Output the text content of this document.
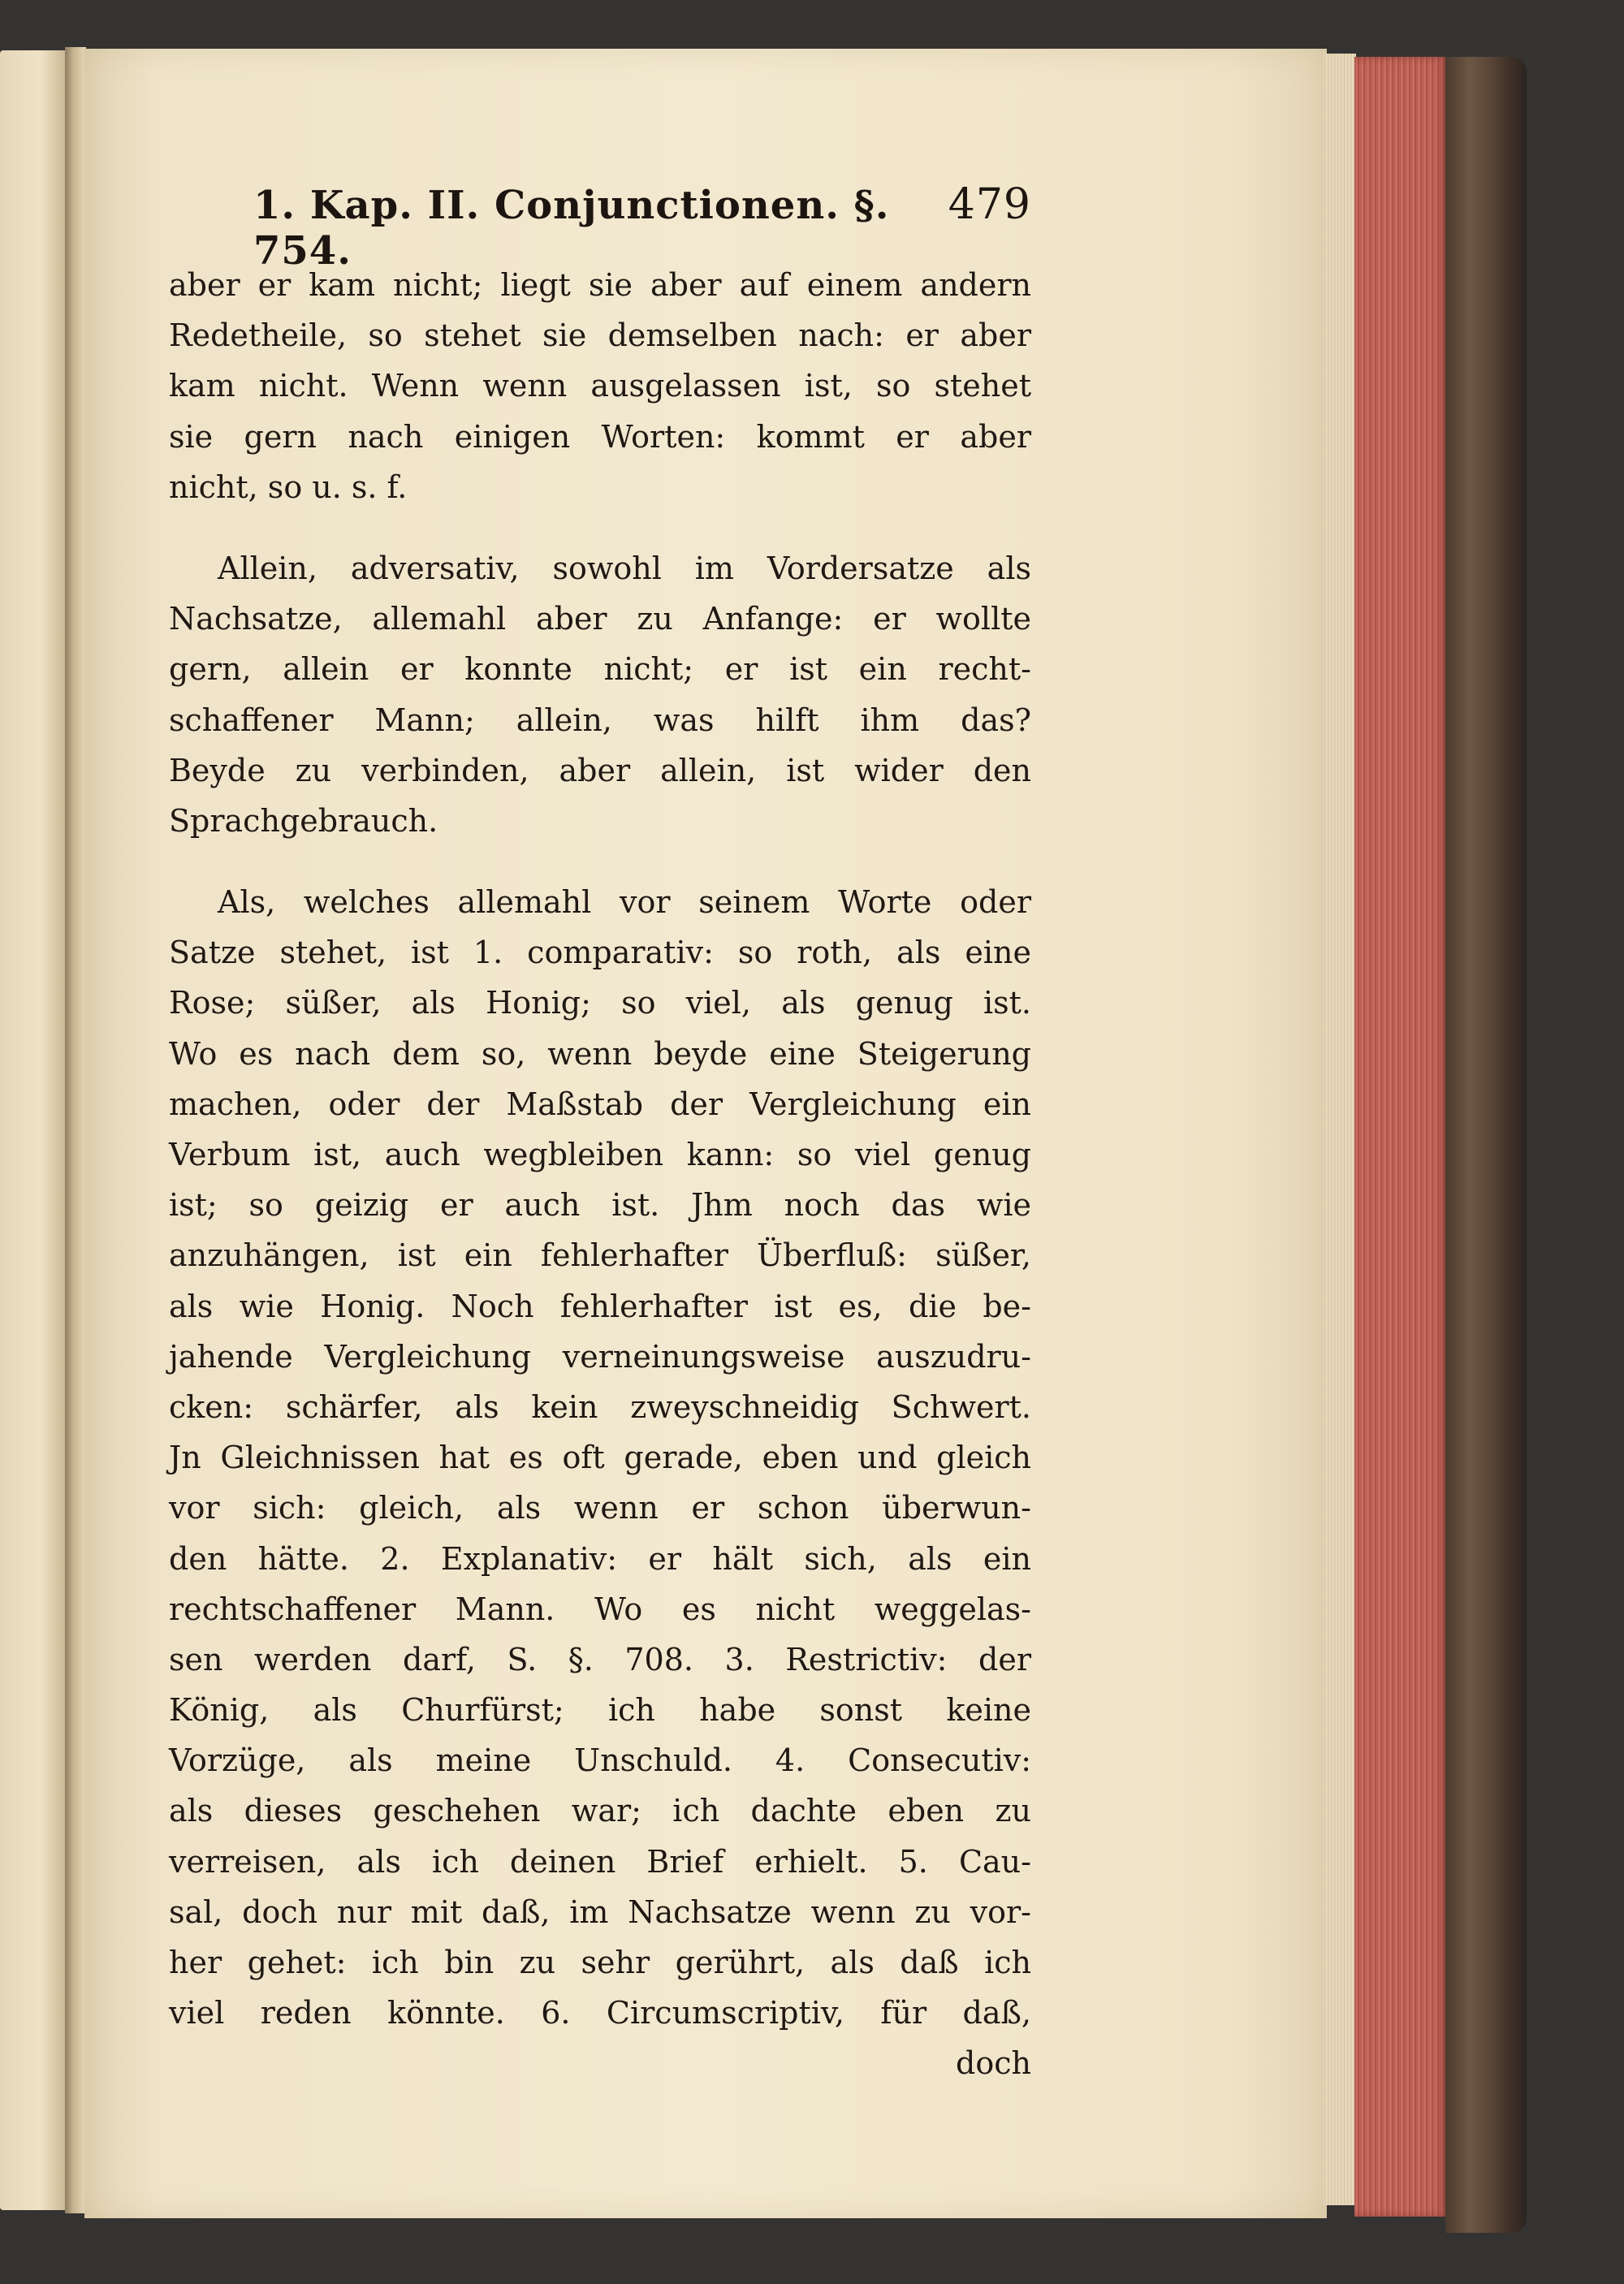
1. Kap. II. Conjunctionen. §. 754.
479
aber er kam nicht; liegt sie aber auf einem andern
Redetheile, so stehet sie demselben nach: er aber
kam nicht. Wenn wenn ausgelassen ist, so stehet
sie gern nach einigen Worten: kommt er aber
nicht, so u. s. f.
Allein, adversativ, sowohl im Vordersatze als
Nachsatze, allemahl aber zu Anfange: er wollte
gern, allein er konnte nicht; er ist ein recht-
schaffener Mann; allein, was hilft ihm das?
Beyde zu verbinden, aber allein, ist wider den
Sprachgebrauch.
Als, welches allemahl vor seinem Worte oder
Satze stehet, ist 1. comparativ: so roth, als eine
Rose; süßer, als Honig; so viel, als genug ist.
Wo es nach dem so, wenn beyde eine Steigerung
machen, oder der Maßstab der Vergleichung ein
Verbum ist, auch wegbleiben kann: so viel genug
ist; so geizig er auch ist. Jhm noch das wie
anzuhängen, ist ein fehlerhafter Überfluß: süßer,
als wie Honig. Noch fehlerhafter ist es, die be-
jahende Vergleichung verneinungsweise auszudru-
cken: schärfer, als kein zweyschneidig Schwert.
Jn Gleichnissen hat es oft gerade, eben und gleich
vor sich: gleich, als wenn er schon überwun-
den hätte. 2. Explanativ: er hält sich, als ein
rechtschaffener Mann. Wo es nicht weggelas-
sen werden darf, S. §. 708. 3. Restrictiv: der
König, als Churfürst; ich habe sonst keine
Vorzüge, als meine Unschuld. 4. Consecutiv:
als dieses geschehen war; ich dachte eben zu
verreisen, als ich deinen Brief erhielt. 5. Cau-
sal, doch nur mit daß, im Nachsatze wenn zu vor-
her gehet: ich bin zu sehr gerührt, als daß ich
viel reden könnte. 6. Circumscriptiv, für daß,
doch
